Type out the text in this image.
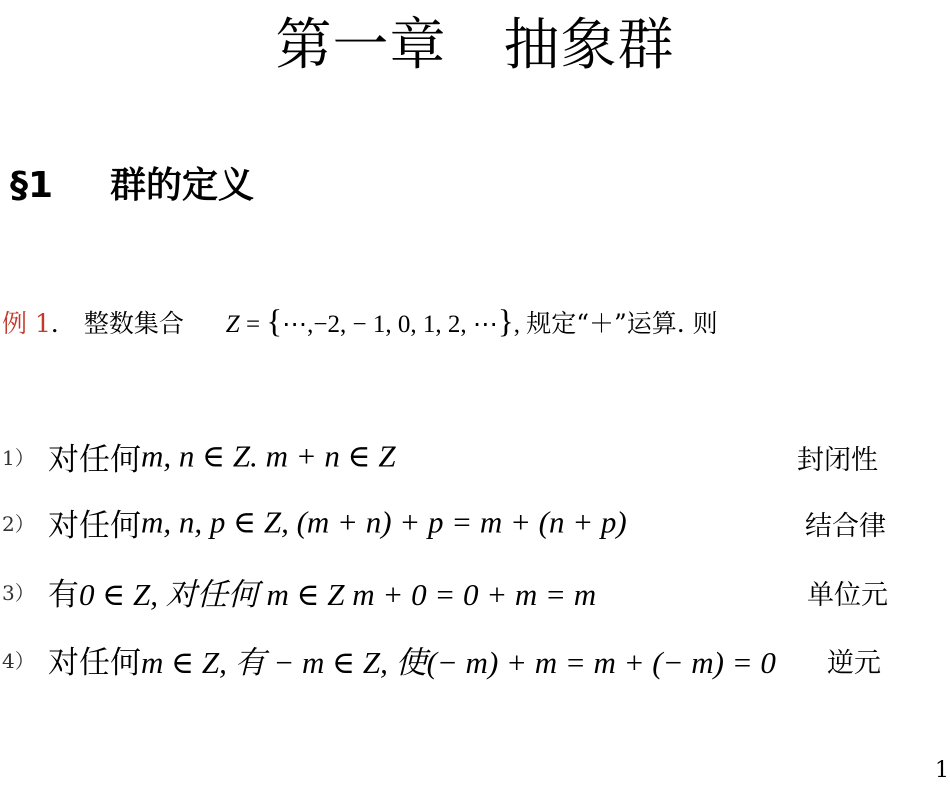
第一章　抽象群
§1 群的定义
例 1． 整数集合 Z = {⋯,−2, − 1, 0, 1, 2, ⋯}, 规定“＋”运算. 则
1） 对任何m, n ∈ Z. m + n ∈ Z	封闭性
2） 对任何m, n, p ∈ Z, (m + n) + p = m + (n + p)	结合律
3） 有0 ∈ Z, 对任何 m ∈ Z m + 0 = 0 + m = m	单位元
4） 对任何m ∈ Z, 有 − m ∈ Z, 使(− m) + m = m + (− m) = 0 逆元
1
